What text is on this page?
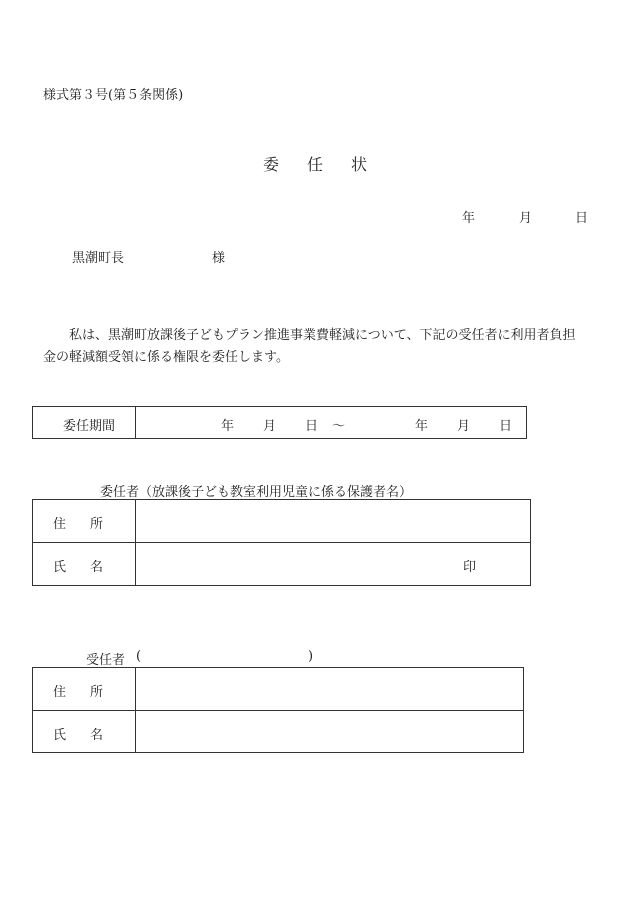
様式第３号(第５条関係)
委任状
年	月	日
黒潮町長	様
私は、黒潮町放課後子どもプラン推進事業費軽減について、下記の受任者に利用者負担金の軽減額受領に係る権限を委任します。
委任期間	年 月 日 ～	年 月 日
委任者（放課後子ども教室利用児童に係る保護者名）
住所
氏名	印
受任者 (	)
住所
氏名
